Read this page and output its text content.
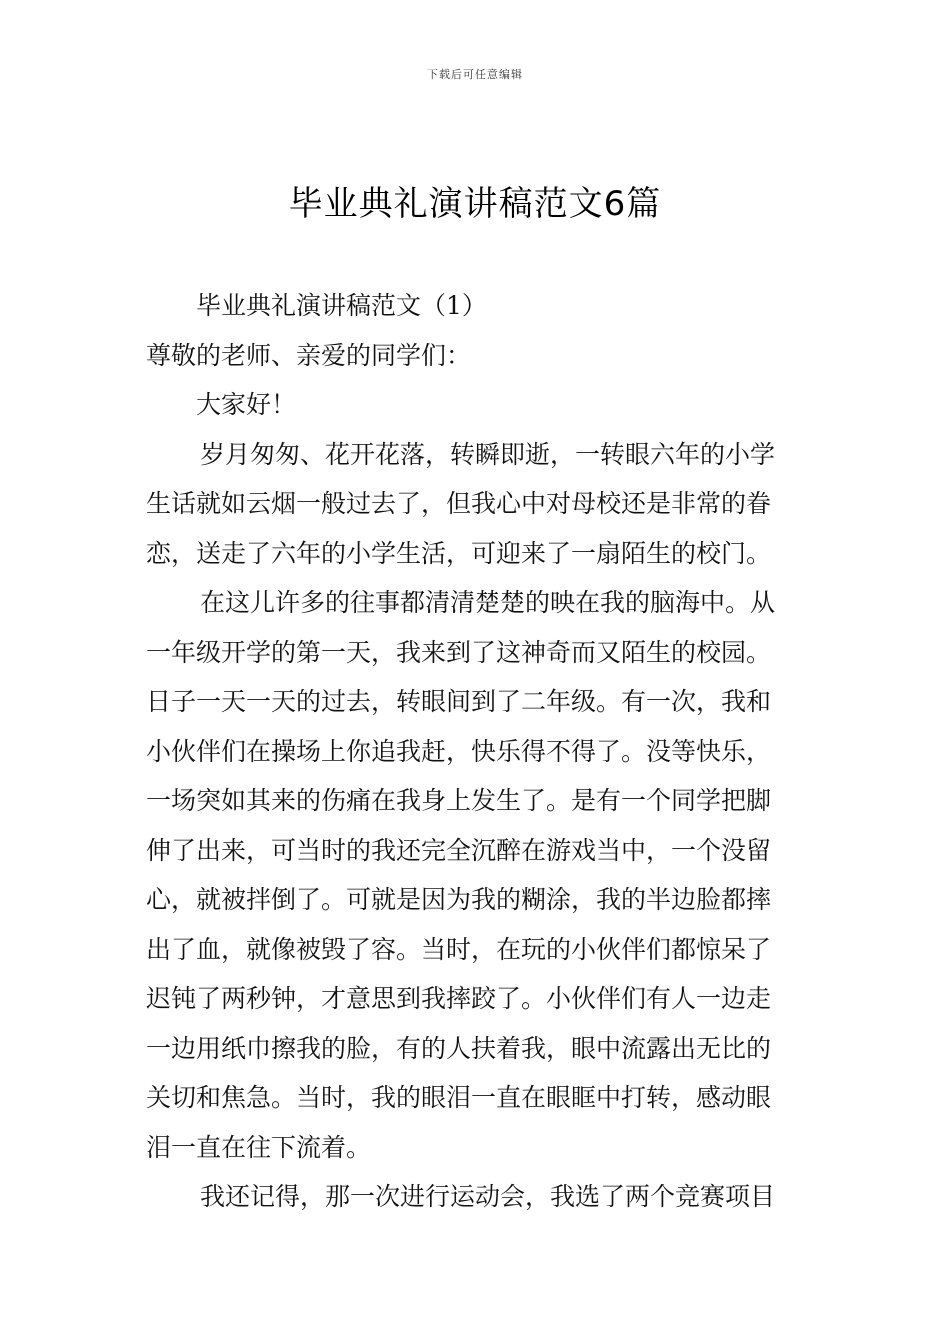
下载后可任意编辑
毕业典礼演讲稿范文6篇
毕业典礼演讲稿范文（1）
尊敬的老师、亲爱的同学们：
大家好！
岁月匆匆、花开花落，转瞬即逝，一转眼六年的小学
生话就如云烟一般过去了，但我心中对母校还是非常的眷
恋，送走了六年的小学生活，可迎来了一扇陌生的校门。
在这儿许多的往事都清清楚楚的映在我的脑海中。从
一年级开学的第一天，我来到了这神奇而又陌生的校园。
日子一天一天的过去，转眼间到了二年级。有一次，我和
小伙伴们在操场上你追我赶，快乐得不得了。没等快乐，
一场突如其来的伤痛在我身上发生了。是有一个同学把脚
伸了出来，可当时的我还完全沉醉在游戏当中，一个没留
心，就被拌倒了。可就是因为我的糊涂，我的半边脸都摔
出了血，就像被毁了容。当时，在玩的小伙伴们都惊呆了
迟钝了两秒钟，才意思到我摔跤了。小伙伴们有人一边走
一边用纸巾擦我的脸，有的人扶着我，眼中流露出无比的
关切和焦急。当时，我的眼泪一直在眼眶中打转，感动眼
泪一直在往下流着。
我还记得，那一次进行运动会，我选了两个竞赛项目
